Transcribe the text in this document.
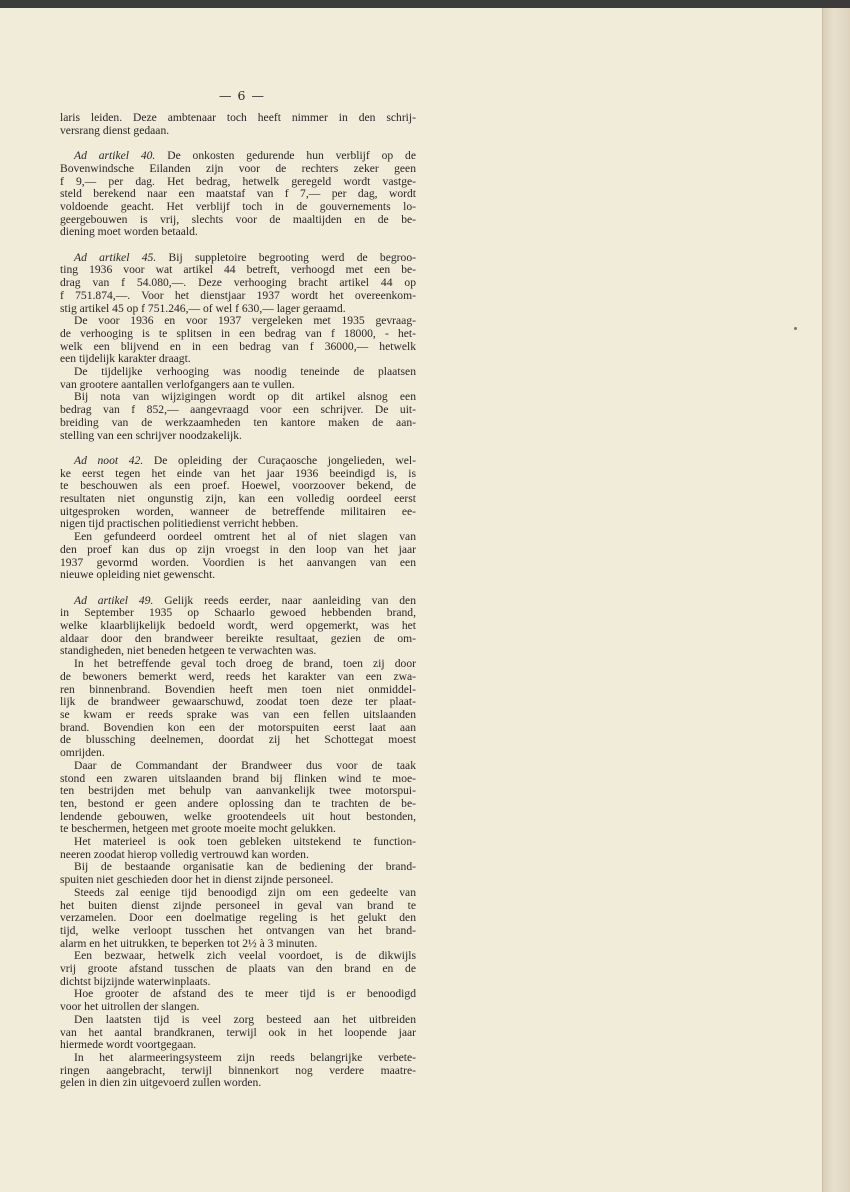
— 6 —
laris leiden. Deze ambtenaar toch heeft nimmer in den schrij-
versrang dienst gedaan.
Ad artikel 40. De onkosten gedurende hun verblijf op de
Bovenwindsche Eilanden zijn voor de rechters zeker geen
f 9,— per dag. Het bedrag, hetwelk geregeld wordt vastge-
steld berekend naar een maatstaf van f 7,— per dag, wordt
voldoende geacht. Het verblijf toch in de gouvernements lo-
geergebouwen is vrij, slechts voor de maaltijden en de be-
diening moet worden betaald.
Ad artikel 45. Bij suppletoire begrooting werd de begroo-
ting 1936 voor wat artikel 44 betreft, verhoogd met een be-
drag van f 54.080,—. Deze verhooging bracht artikel 44 op
f 751.874,—. Voor het dienstjaar 1937 wordt het overeenkom-
stig artikel 45 op f 751.246,— of wel f 630,— lager geraamd.
De voor 1936 en voor 1937 vergeleken met 1935 gevraag-
de verhooging is te splitsen in een bedrag van f 18000, - het-
welk een blijvend en in een bedrag van f 36000,— hetwelk
een tijdelijk karakter draagt.
De tijdelijke verhooging was noodig teneinde de plaatsen
van grootere aantallen verlofgangers aan te vullen.
Bij nota van wijzigingen wordt op dit artikel alsnog een
bedrag van f 852,— aangevraagd voor een schrijver. De uit-
breiding van de werkzaamheden ten kantore maken de aan-
stelling van een schrijver noodzakelijk.
Ad noot 42. De opleiding der Curaçaosche jongelieden, wel-
ke eerst tegen het einde van het jaar 1936 beeindigd is, is
te beschouwen als een proef. Hoewel, voorzoover bekend, de
resultaten niet ongunstig zijn, kan een volledig oordeel eerst
uitgesproken worden, wanneer de betreffende militairen ee-
nigen tijd practischen politiedienst verricht hebben.
Een gefundeerd oordeel omtrent het al of niet slagen van
den proef kan dus op zijn vroegst in den loop van het jaar
1937 gevormd worden. Voordien is het aanvangen van een
nieuwe opleiding niet gewenscht.
Ad artikel 49. Gelijk reeds eerder, naar aanleiding van den
in September 1935 op Schaarlo gewoed hebbenden brand,
welke klaarblijkelijk bedoeld wordt, werd opgemerkt, was het
aldaar door den brandweer bereikte resultaat, gezien de om-
standigheden, niet beneden hetgeen te verwachten was.
In het betreffende geval toch droeg de brand, toen zij door
de bewoners bemerkt werd, reeds het karakter van een zwa-
ren binnenbrand. Bovendien heeft men toen niet onmiddel-
lijk de brandweer gewaarschuwd, zoodat toen deze ter plaat-
se kwam er reeds sprake was van een fellen uitslaanden
brand. Bovendien kon een der motorspuiten eerst laat aan
de blussching deelnemen, doordat zij het Schottegat moest
omrijden.
Daar de Commandant der Brandweer dus voor de taak
stond een zwaren uitslaanden brand bij flinken wind te moe-
ten bestrijden met behulp van aanvankelijk twee motorspui-
ten, bestond er geen andere oplossing dan te trachten de be-
lendende gebouwen, welke grootendeels uit hout bestonden,
te beschermen, hetgeen met groote moeite mocht gelukken.
Het materieel is ook toen gebleken uitstekend te function-
neeren zoodat hierop volledig vertrouwd kan worden.
Bij de bestaande organisatie kan de bediening der brand-
spuiten niet geschieden door het in dienst zijnde personeel.
Steeds zal eenige tijd benoodigd zijn om een gedeelte van
het buiten dienst zijnde personeel in geval van brand te
verzamelen. Door een doelmatige regeling is het gelukt den
tijd, welke verloopt tusschen het ontvangen van het brand-
alarm en het uitrukken, te beperken tot 2½ à 3 minuten.
Een bezwaar, hetwelk zich veelal voordoet, is de dikwijls
vrij groote afstand tusschen de plaats van den brand en de
dichtst bijzijnde waterwinplaats.
Hoe grooter de afstand des te meer tijd is er benoodigd
voor het uitrollen der slangen.
Den laatsten tijd is veel zorg besteed aan het uitbreiden
van het aantal brandkranen, terwijl ook in het loopende jaar
hiermede wordt voortgegaan.
In het alarmeeringsysteem zijn reeds belangrijke verbete-
ringen aangebracht, terwijl binnenkort nog verdere maatre-
gelen in dien zin uitgevoerd zullen worden.
